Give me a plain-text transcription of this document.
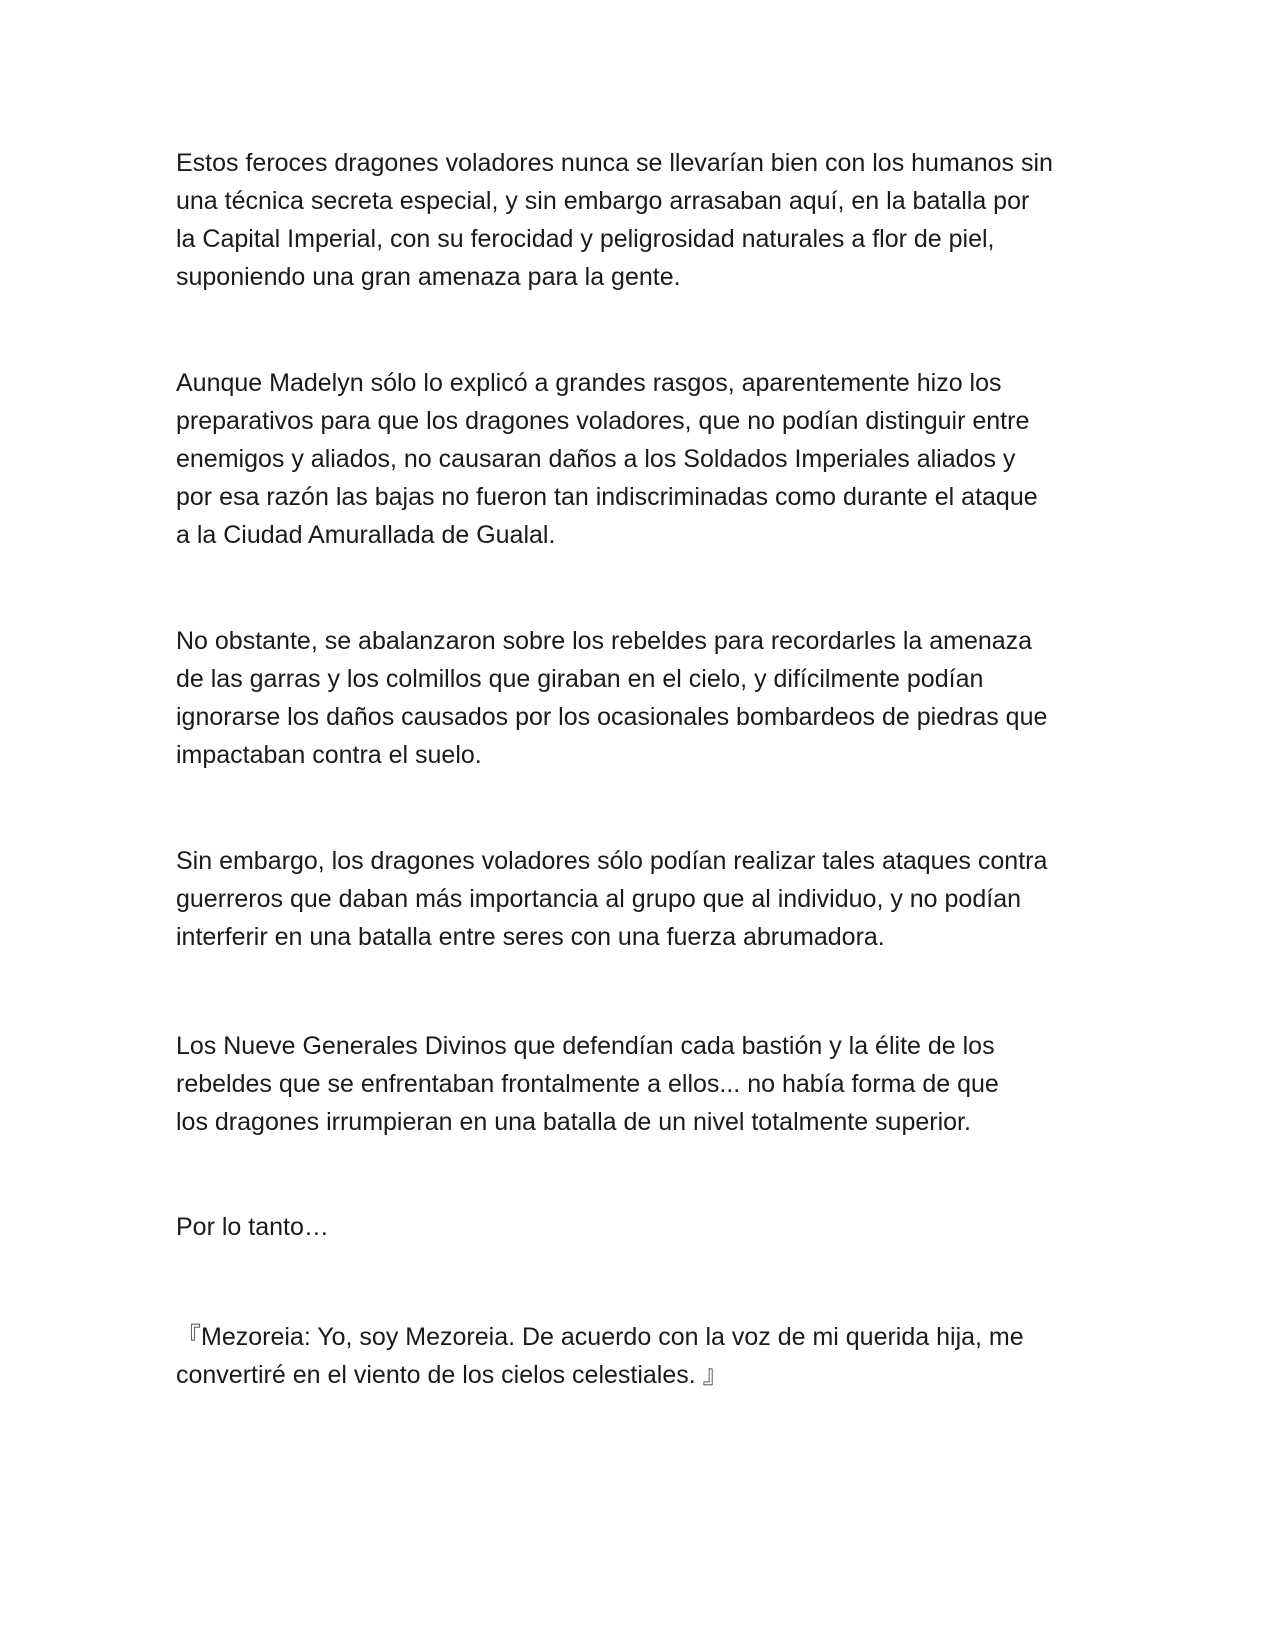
Estos feroces dragones voladores nunca se llevarían bien con los humanos sin
una técnica secreta especial, y sin embargo arrasaban aquí, en la batalla por
la Capital Imperial, con su ferocidad y peligrosidad naturales a flor de piel,
suponiendo una gran amenaza para la gente.

Aunque Madelyn sólo lo explicó a grandes rasgos, aparentemente hizo los
preparativos para que los dragones voladores, que no podían distinguir entre
enemigos y aliados, no causaran daños a los Soldados Imperiales aliados y
por esa razón las bajas no fueron tan indiscriminadas como durante el ataque
a la Ciudad Amurallada de Gualal.

No obstante, se abalanzaron sobre los rebeldes para recordarles la amenaza
de las garras y los colmillos que giraban en el cielo, y difícilmente podían
ignorarse los daños causados por los ocasionales bombardeos de piedras que
impactaban contra el suelo.

Sin embargo, los dragones voladores sólo podían realizar tales ataques contra
guerreros que daban más importancia al grupo que al individuo, y no podían
interferir en una batalla entre seres con una fuerza abrumadora.

Los Nueve Generales Divinos que defendían cada bastión y la élite de los
rebeldes que se enfrentaban frontalmente a ellos... no había forma de que
los dragones irrumpieran en una batalla de un nivel totalmente superior.

Por lo tanto…

『Mezoreia: Yo, soy Mezoreia. De acuerdo con la voz de mi querida hija, me
convertiré en el viento de los cielos celestiales. 』
